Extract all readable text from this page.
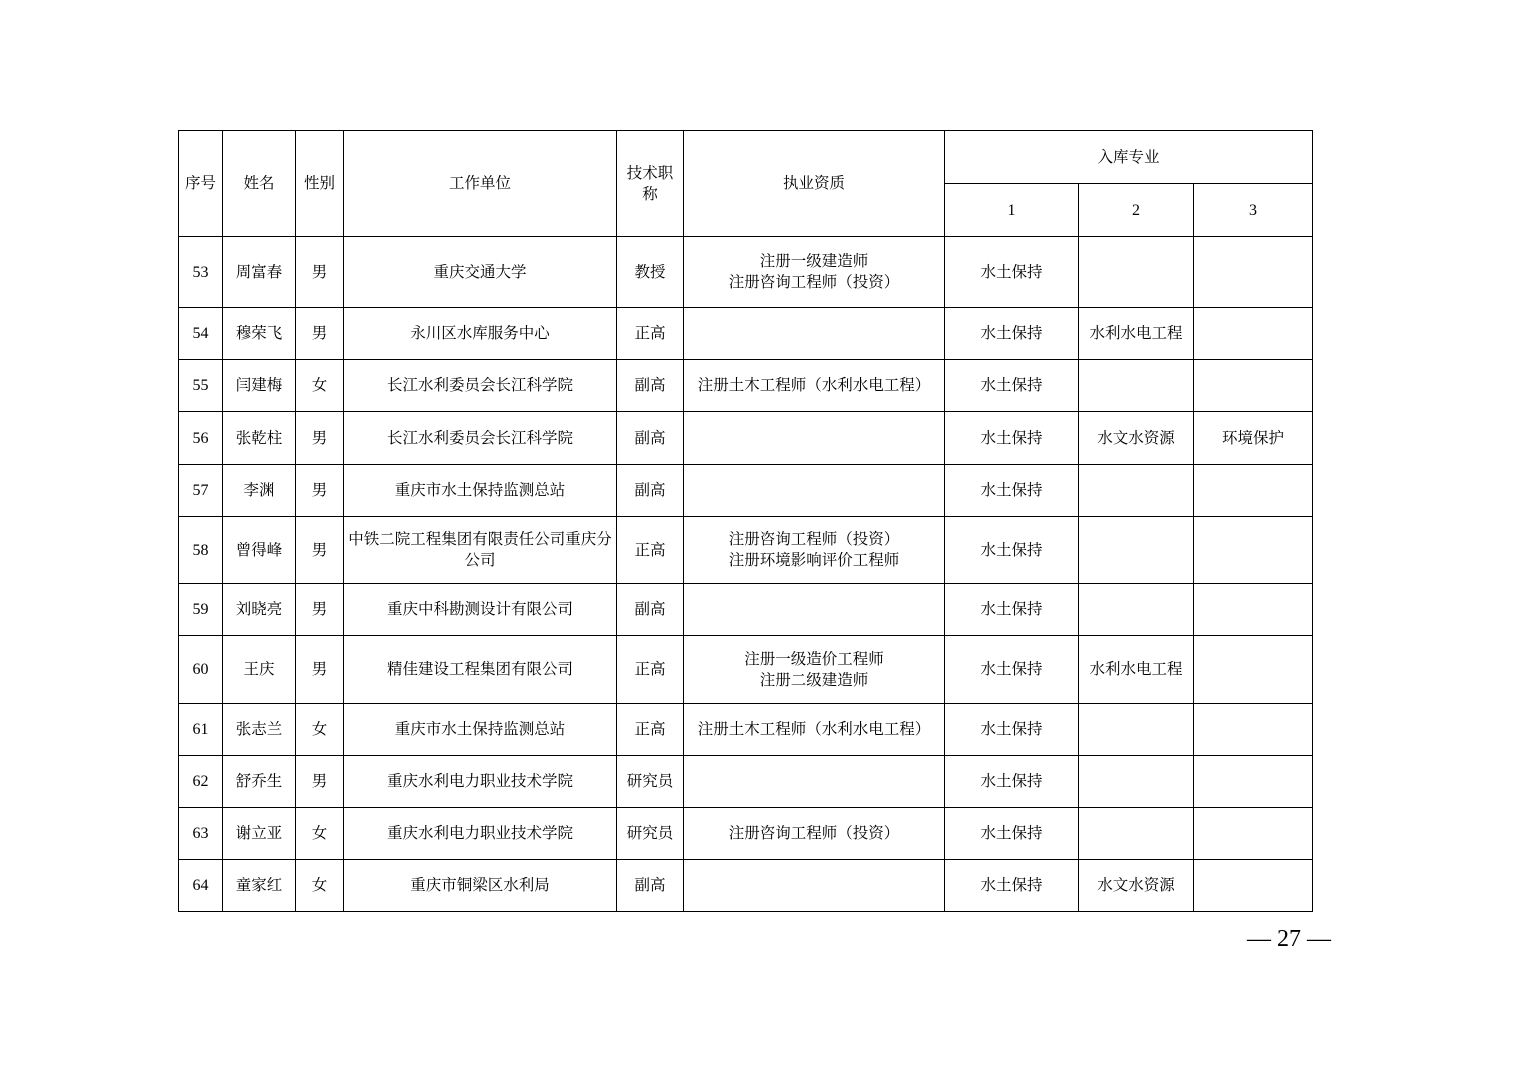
序号	姓名	性别	工作单位	技术职称	执业资质	入库专业		
						1	2	3
53	周富春	男	重庆交通大学	教授	注册一级建造师
注册咨询工程师（投资）	水土保持		
54	穆荣飞	男	永川区水库服务中心	正高		水土保持	水利水电工程	
55	闫建梅	女	长江水利委员会长江科学院	副高	注册土木工程师（水利水电工程）	水土保持		
56	张乾柱	男	长江水利委员会长江科学院	副高		水土保持	水文水资源	环境保护
57	李渊	男	重庆市水土保持监测总站	副高		水土保持		
58	曾得峰	男	中铁二院工程集团有限责任公司重庆分公司	正高	注册咨询工程师（投资）
注册环境影响评价工程师	水土保持		
59	刘晓亮	男	重庆中科勘测设计有限公司	副高		水土保持		
60	王庆	男	精佳建设工程集团有限公司	正高	注册一级造价工程师
注册二级建造师	水土保持	水利水电工程	
61	张志兰	女	重庆市水土保持监测总站	正高	注册土木工程师（水利水电工程）	水土保持		
62	舒乔生	男	重庆水利电力职业技术学院	研究员		水土保持		
63	谢立亚	女	重庆水利电力职业技术学院	研究员	注册咨询工程师（投资）	水土保持		
64	童家红	女	重庆市铜梁区水利局	副高		水土保持	水文水资源	
— 27 —
